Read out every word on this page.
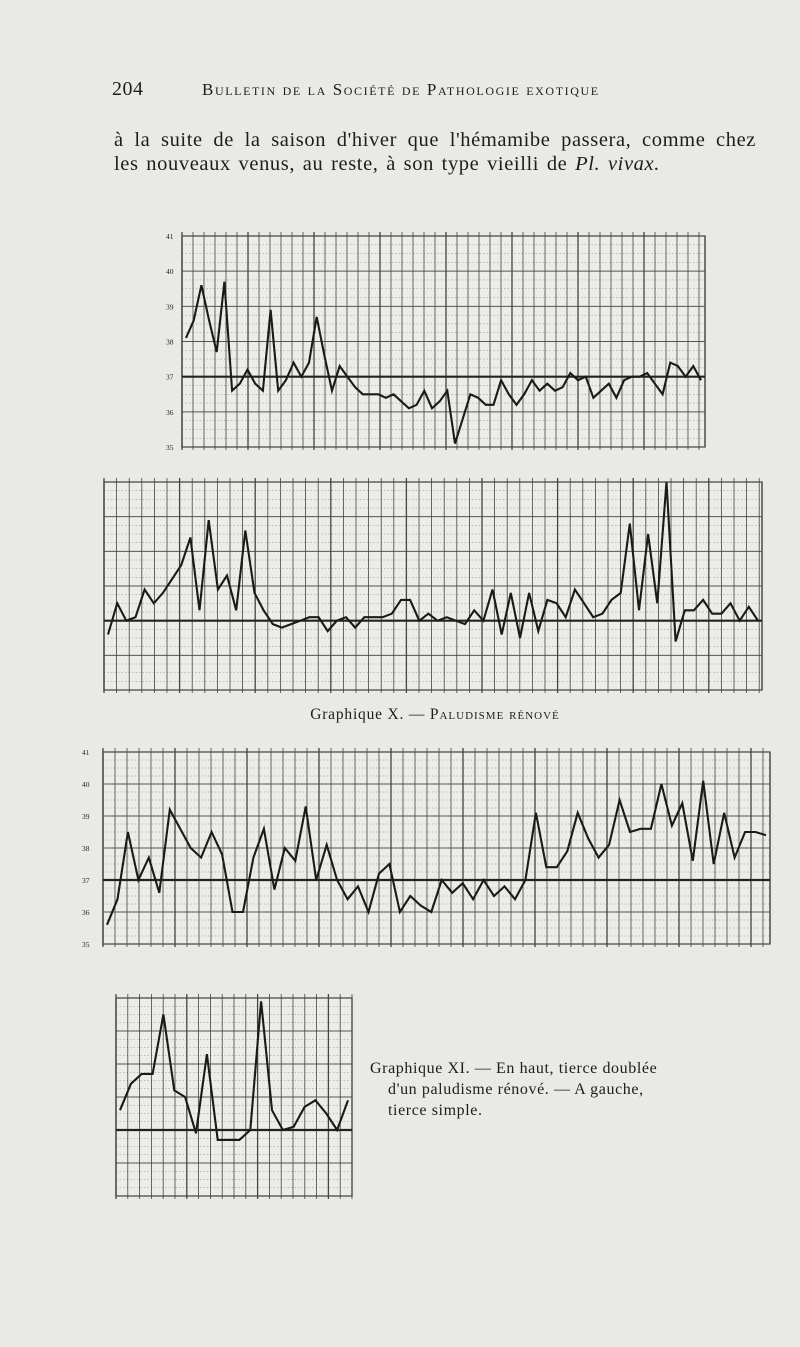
204	Bulletin de la Société de Pathologie exotique

à la suite de la saison d'hiver que l'hémamibe passera, comme chez les nouveaux venus, au reste, à son type vieilli de Pl. vivax.

41
40
39
38
37
36
35
41
40
39
38
37
36
35
Graphique X. — Paludisme rénové
Graphique XI. — En haut, tierce doublée
d'un paludisme rénové. — A gauche,
tierce simple.
